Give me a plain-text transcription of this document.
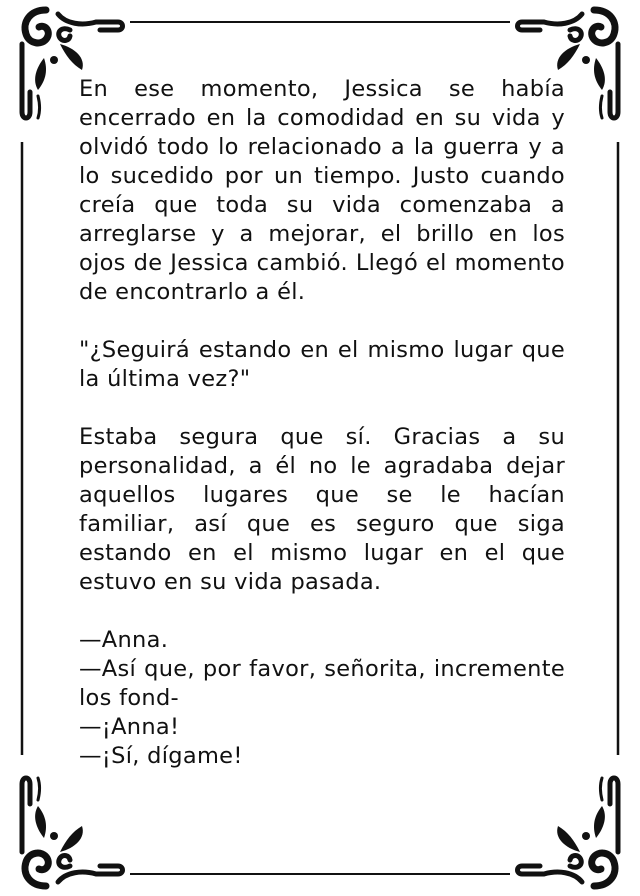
En ese momento, Jessica se había encerrado en la comodidad en su vida y olvidó todo lo relacionado a la guerra y a lo sucedido por un tiempo. Justo cuando creía que toda su vida comenzaba a arreglarse y a mejorar, el brillo en los ojos de Jessica cambió. Llegó el momento de encontrarlo a él.

"¿Seguirá estando en el mismo lugar que la última vez?"

Estaba segura que sí. Gracias a su personalidad, a él no le agradaba dejar aquellos lugares que se le hacían familiar, así que es seguro que siga estando en el mismo lugar en el que estuvo en su vida pasada.

—Anna.
—Así que, por favor, señorita, incremente los fond-
—¡Anna!
—¡Sí, dígame!
